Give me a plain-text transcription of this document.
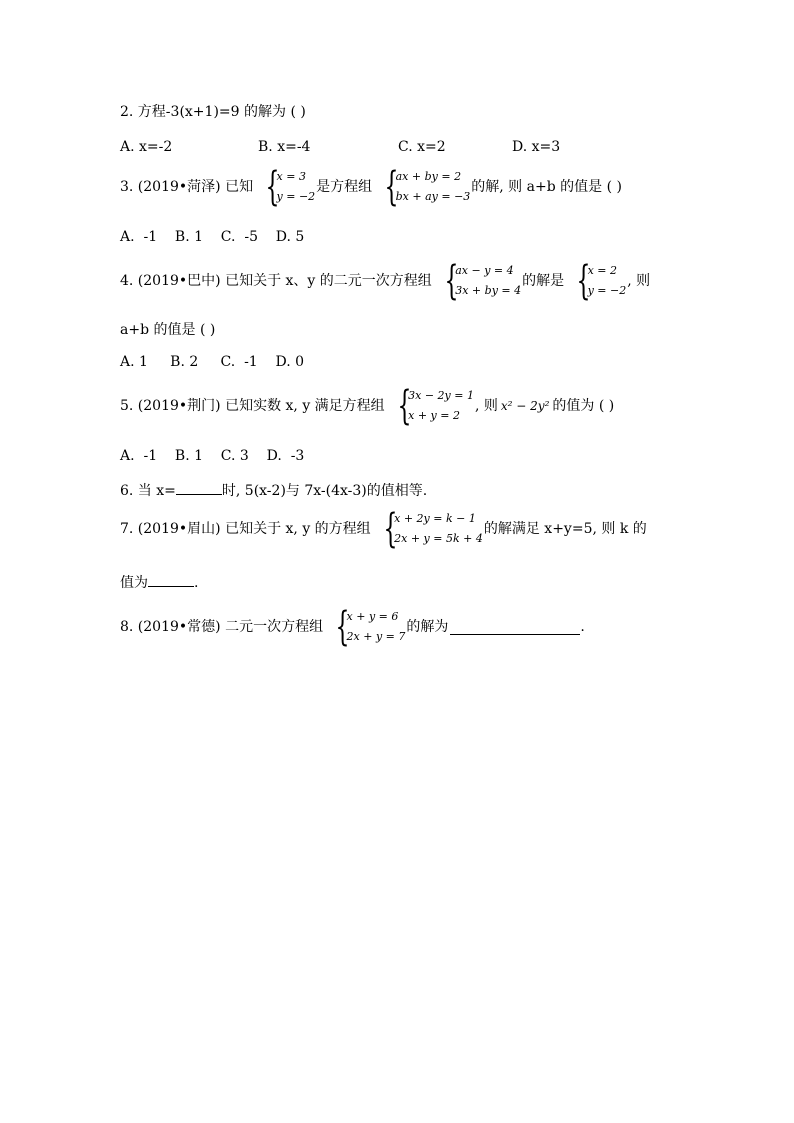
2. 方程-3(x+1)=9 的解为 ( )
A. x=-2	B. x=-4	C. x=2	D. x=3
3. (2019•菏泽) 已知 {
x = 3
y = −2
是方程组 {
ax + by = 2
bx + ay = −3
的解, 则 a+b 的值是 ( )
A.  -1    B. 1    C.  -5    D. 5
4. (2019•巴中) 已知关于 x、y 的二元一次方程组 {
ax − y = 4
3x + by = 4
的解是 {
x = 2
y = −2
, 则
a+b 的值是 ( )
A. 1     B. 2     C.  -1    D. 0
5. (2019•荆门) 已知实数 x, y 满足方程组 {
3x − 2y = 1
x + y = 2
, 则 x² − 2y² 的值为 ( )
A.  -1    B. 1    C. 3    D.  -3
6. 当 x=	时, 5(x-2)与 7x-(4x-3)的值相等.
7. (2019•眉山) 已知关于 x, y 的方程组 {
x + 2y = k − 1
2x + y = 5k + 4
的解满足 x+y=5, 则 k 的
值为	.
8. (2019•常德) 二元一次方程组 {
x + y = 6
2x + y = 7
的解为	.
